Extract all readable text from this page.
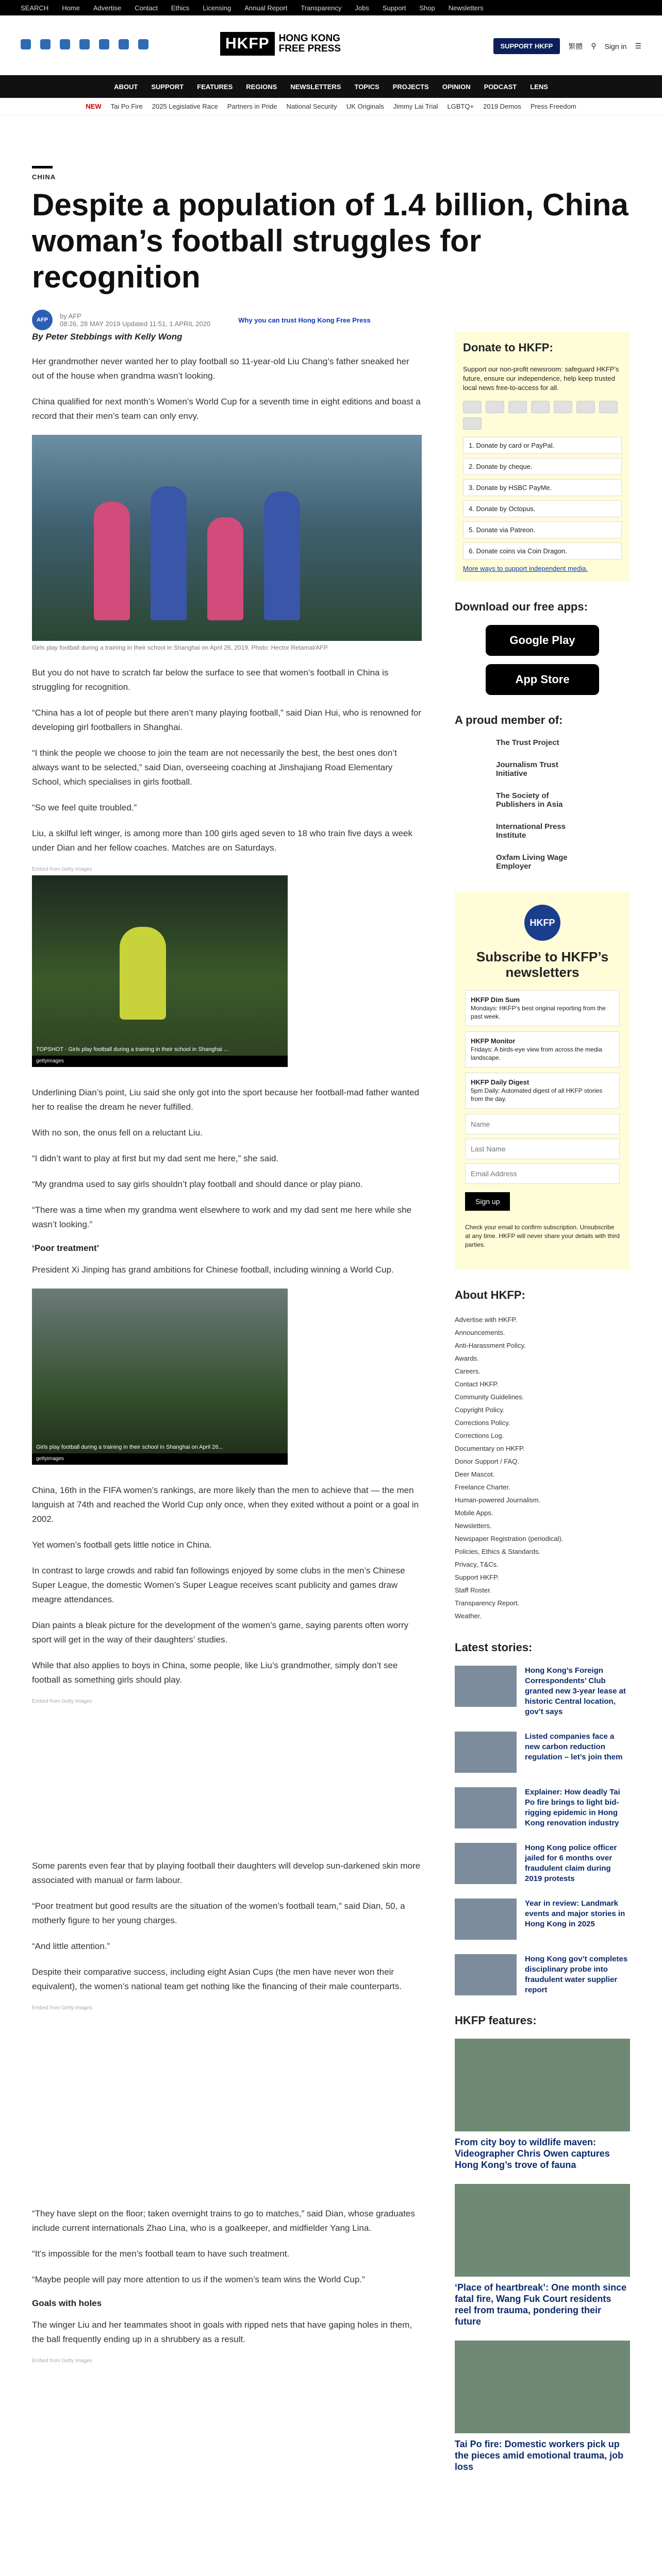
SEARCH Home Advertise Contact Ethics Licensing Annual Report Transparency Jobs Support Shop Newsletters
HKFP HONG KONG
FREE PRESS	SUPPORT HKFP	繁體 ⚲ Sign in ☰
ABOUT SUPPORT FEATURES REGIONS NEWSLETTERS TOPICS PROJECTS OPINION PODCAST LENS
NEW Tai Po Fire 2025 Legislative Race Partners in Pride National Security UK Originals Jimmy Lai Trial LGBTQ+ 2019 Demos Press Freedom
CHINA
Despite a population of 1.4 billion, China woman’s football struggles for recognition
AFP	by AFP
08:26, 28 MAY 2019 Updated 11:51, 1 APRIL 2020	Why you can trust Hong Kong Free Press
By Peter Stebbings with Kelly Wong

Her grandmother never wanted her to play football so 11-year-old Liu Chang’s father sneaked her out of the house when grandma wasn’t looking.

China qualified for next month’s Women’s World Cup for a seventh time in eight editions and boast a record that their men’s team can only envy.

Girls play football during a training in their school in Shanghai on April 26, 2019. Photo: Hector Retamal/AFP.

But you do not have to scratch far below the surface to see that women’s football in China is struggling for recognition.

“China has a lot of people but there aren’t many playing football,” said Dian Hui, who is renowned for developing girl footballers in Shanghai.

“I think the people we choose to join the team are not necessarily the best, the best ones don’t always want to be selected,” said Dian, overseeing coaching at Jinshajiang Road Elementary School, which specialises in girls football.

“So we feel quite troubled.”

Liu, a skilful left winger, is among more than 100 girls aged seven to 18 who train five days a week under Dian and her fellow coaches. Matches are on Saturdays.

Embed from Getty Images
TOPSHOT - Girls play football during a training in their school in Shanghai ...
gettyimages

Underlining Dian’s point, Liu said she only got into the sport because her football-mad father wanted her to realise the dream he never fulfilled.

With no son, the onus fell on a reluctant Liu.

“I didn’t want to play at first but my dad sent me here,” she said.

“My grandma used to say girls shouldn’t play football and should dance or play piano.

“There was a time when my grandma went elsewhere to work and my dad sent me here while she wasn’t looking.”

‘Poor treatment’

President Xi Jinping has grand ambitions for Chinese football, including winning a World Cup.

Girls play football during a training in their school in Shanghai on April 26...
gettyimages

China, 16th in the FIFA women’s rankings, are more likely than the men to achieve that — the men languish at 74th and reached the World Cup only once, when they exited without a point or a goal in 2002.

Yet women’s football gets little notice in China.

In contrast to large crowds and rabid fan followings enjoyed by some clubs in the men’s Chinese Super League, the domestic Women’s Super League receives scant publicity and games draw meagre attendances.

Dian paints a bleak picture for the development of the women’s game, saying parents often worry sport will get in the way of their daughters’ studies.

While that also applies to boys in China, some people, like Liu’s grandmother, simply don’t see football as something girls should play.

Embed from Getty Images

Some parents even fear that by playing football their daughters will develop sun-darkened skin more associated with manual or farm labour.

“Poor treatment but good results are the situation of the women’s football team,” said Dian, 50, a motherly figure to her young charges.

“And little attention.”

Despite their comparative success, including eight Asian Cups (the men have never won their equivalent), the women’s national team get nothing like the financing of their male counterparts.

Embed from Getty Images

“They have slept on the floor; taken overnight trains to go to matches,” said Dian, whose graduates include current internationals Zhao Lina, who is a goalkeeper, and midfielder Yang Lina.

“It’s impossible for the men’s football team to have such treatment.

“Maybe people will pay more attention to us if the women’s team wins the World Cup.”

Goals with holes

The winger Liu and her teammates shoot in goals with ripped nets that have gaping holes in them, the ball frequently ending up in a shrubbery as a result.

Embed from Getty Images
Donate to HKFP:
Support our non-profit newsroom: safeguard HKFP’s future, ensure our independence, help keep trusted local news free-to-access for all.
1. Donate by card or PayPal.
2. Donate by cheque.
3. Donate by HSBC PayMe.
4. Donate by Octopus.
5. Donate via Patreon.
6. Donate coins via Coin Dragon.
More ways to support independent media.
Download our free apps:
Google Play
App Store
A proud member of:
The Trust Project
Journalism Trust Initiative
The Society of Publishers in Asia
International Press Institute
Oxfam Living Wage Employer
HKFP
Subscribe to HKFP’s newsletters
HKFP Dim Sum
Mondays: HKFP’s best original reporting from the past week.
HKFP Monitor
Fridays: A birds-eye view from across the media landscape.
HKFP Daily Digest
5pm Daily: Automated digest of all HKFP stories from the day.
Name
Last Name
Email Address Sign up
Check your email to confirm subscription. Unsubscribe at any time. HKFP will never share your details with third parties.
About HKFP:
Advertise with HKFP.
Announcements.
Anti-Harassment Policy.
Awards.
Careers.
Contact HKFP.
Community Guidelines.
Copyright Policy.
Corrections Policy.
Corrections Log.
Documentary on HKFP.
Donor Support / FAQ.
Deer Mascot.
Freelance Charter.
Human-powered Journalism.
Mobile Apps.
Newsletters.
Newspaper Registration (periodical).
Policies, Ethics & Standards.
Privacy, T&Cs.
Support HKFP.
Staff Roster.
Transparency Report.
Weather.
Latest stories:
Hong Kong’s Foreign Correspondents’ Club granted new 3-year lease at historic Central location, gov’t says
Listed companies face a new carbon reduction regulation – let’s join them
Explainer: How deadly Tai Po fire brings to light bid-rigging epidemic in Hong Kong renovation industry
Hong Kong police officer jailed for 6 months over fraudulent claim during 2019 protests
Year in review: Landmark events and major stories in Hong Kong in 2025
Hong Kong gov’t completes disciplinary probe into fraudulent water supplier report
HKFP features:
From city boy to wildlife maven: Videographer Chris Owen captures Hong Kong’s trove of fauna
‘Place of heartbreak’: One month since fatal fire, Wang Fuk Court residents reel from trauma, pondering their future
Tai Po fire: Domestic workers pick up the pieces amid emotional trauma, job loss
